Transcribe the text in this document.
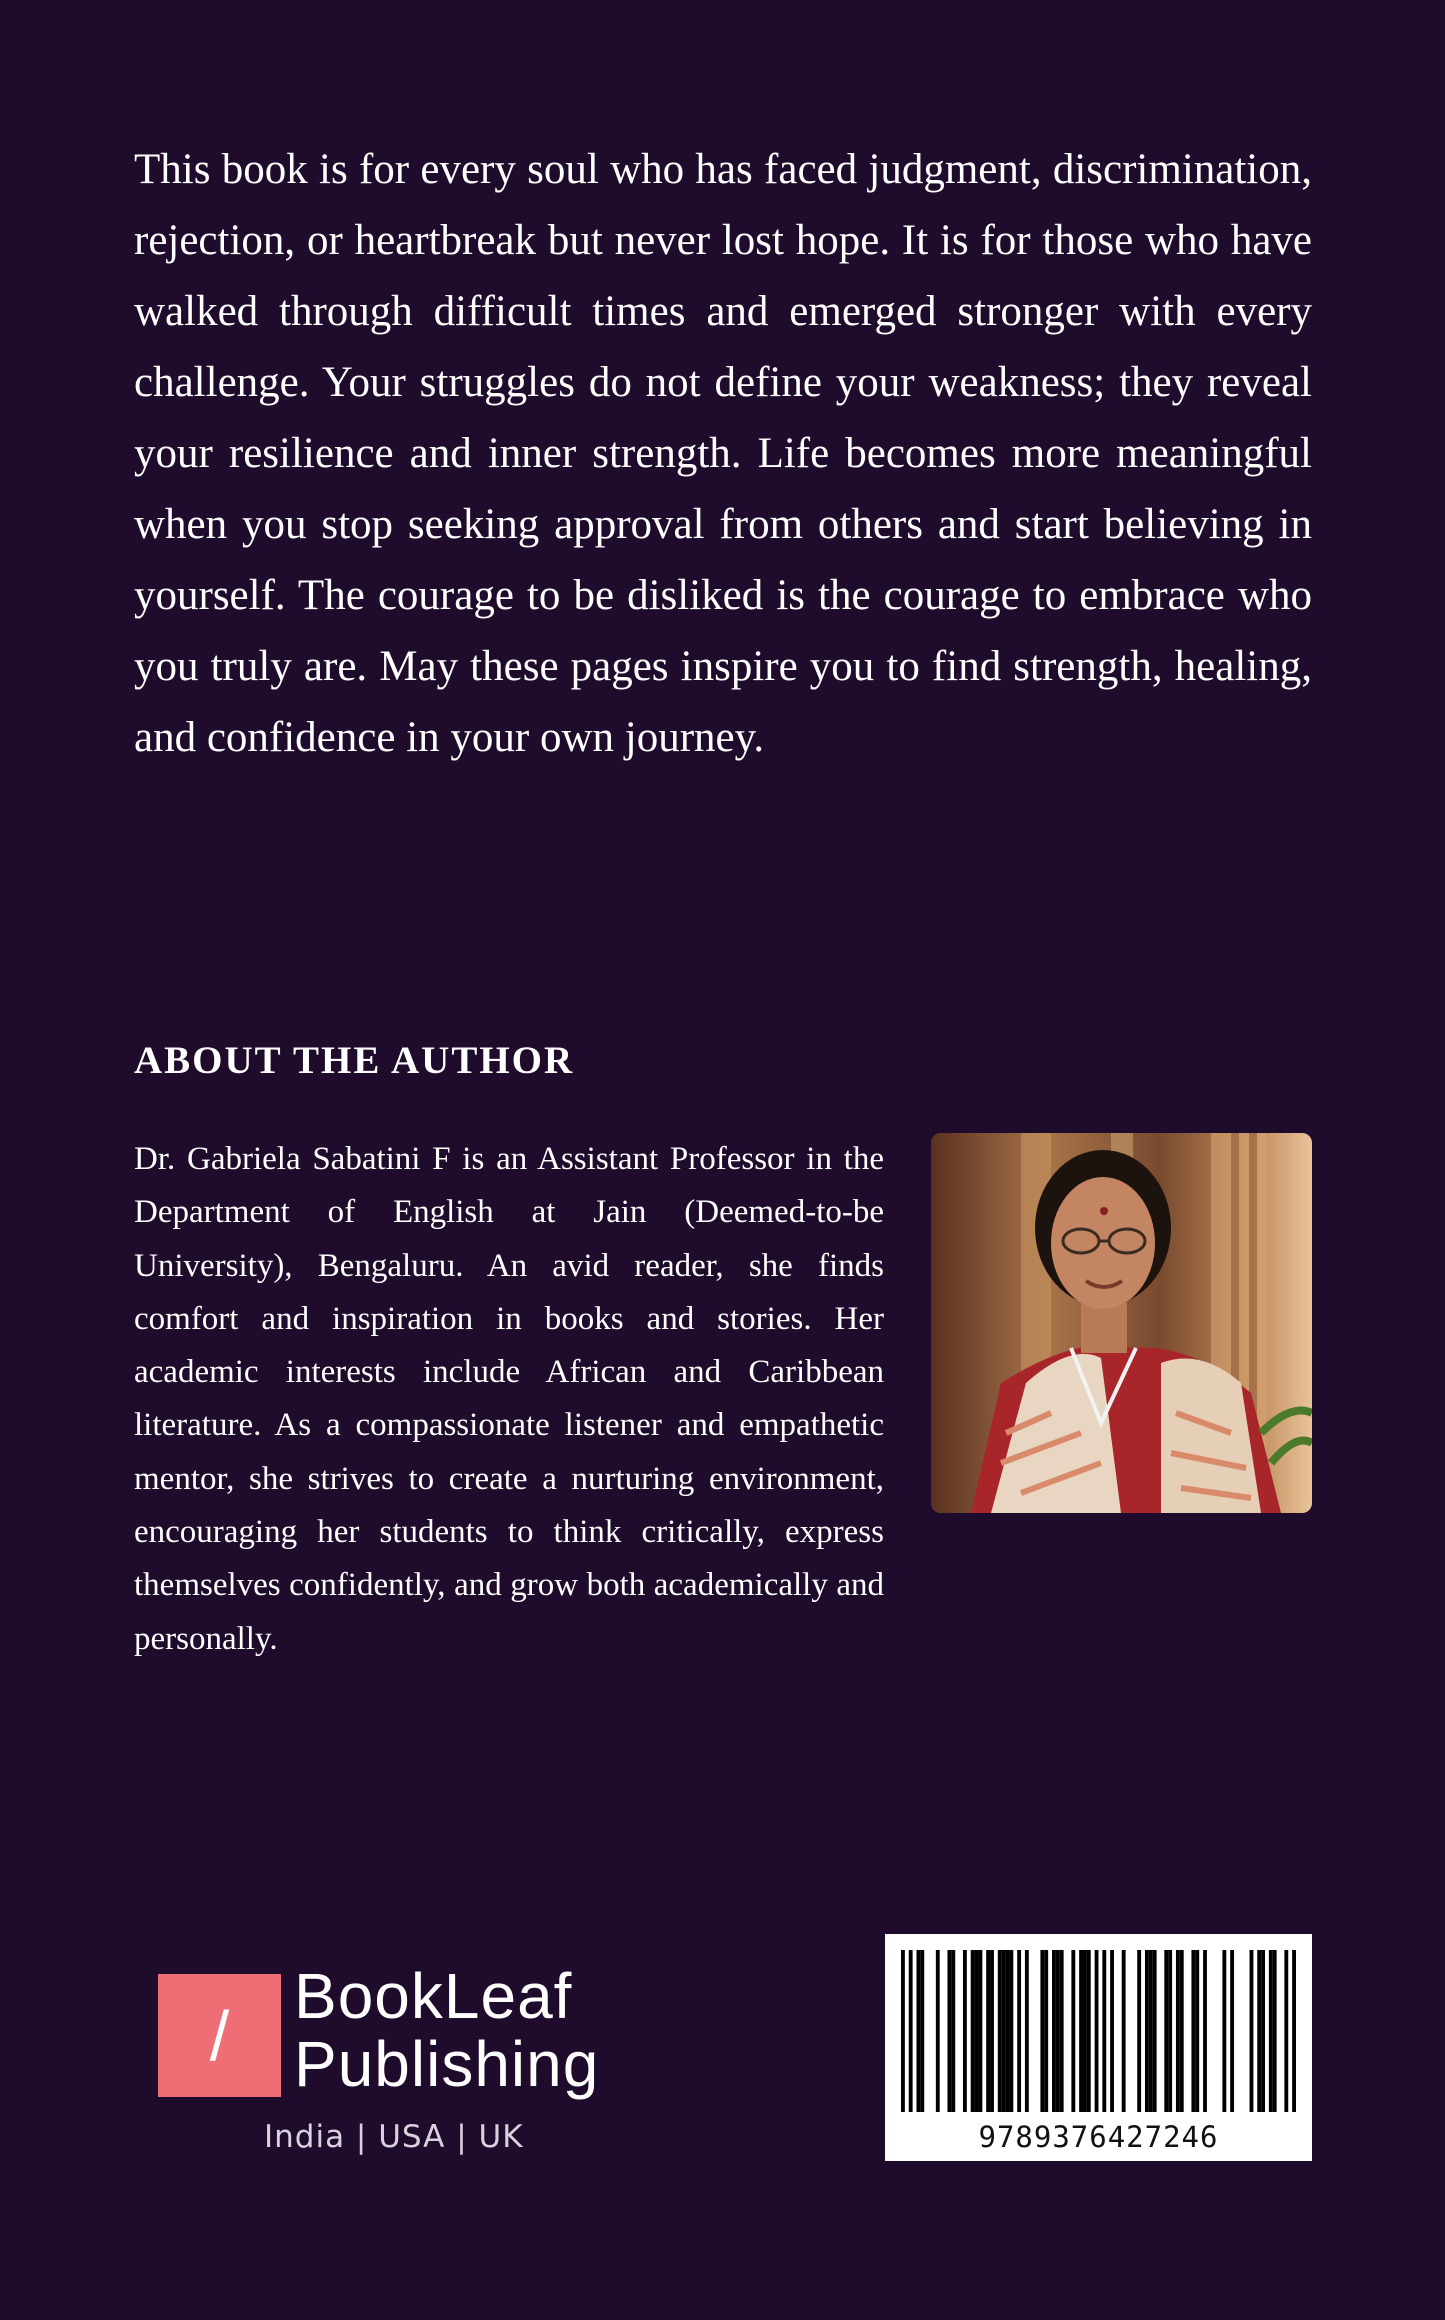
This book is for every soul who has faced judgment, discrimination, rejection, or heartbreak but never lost hope. It is for those who have walked through difficult times and emerged stronger with every challenge. Your struggles do not define your weakness; they reveal your resilience and inner strength. Life becomes more meaningful when you stop seeking approval from others and start believing in yourself. The courage to be disliked is the courage to embrace who you truly are. May these pages inspire you to find strength, healing, and confidence in your own journey.

ABOUT THE AUTHOR

Dr. Gabriela Sabatini F is an Assistant Professor in the Department of English at Jain (Deemed-to-be University), Bengaluru. An avid reader, she finds comfort and inspiration in books and stories. Her academic interests include African and Caribbean literature. As a compassionate listener and empathetic mentor, she strives to create a nurturing environment, encouraging her students to think critically, express themselves confidently, and grow both academically and personally.

/
BookLeaf
Publishing
India | USA | UK	9789376427246
